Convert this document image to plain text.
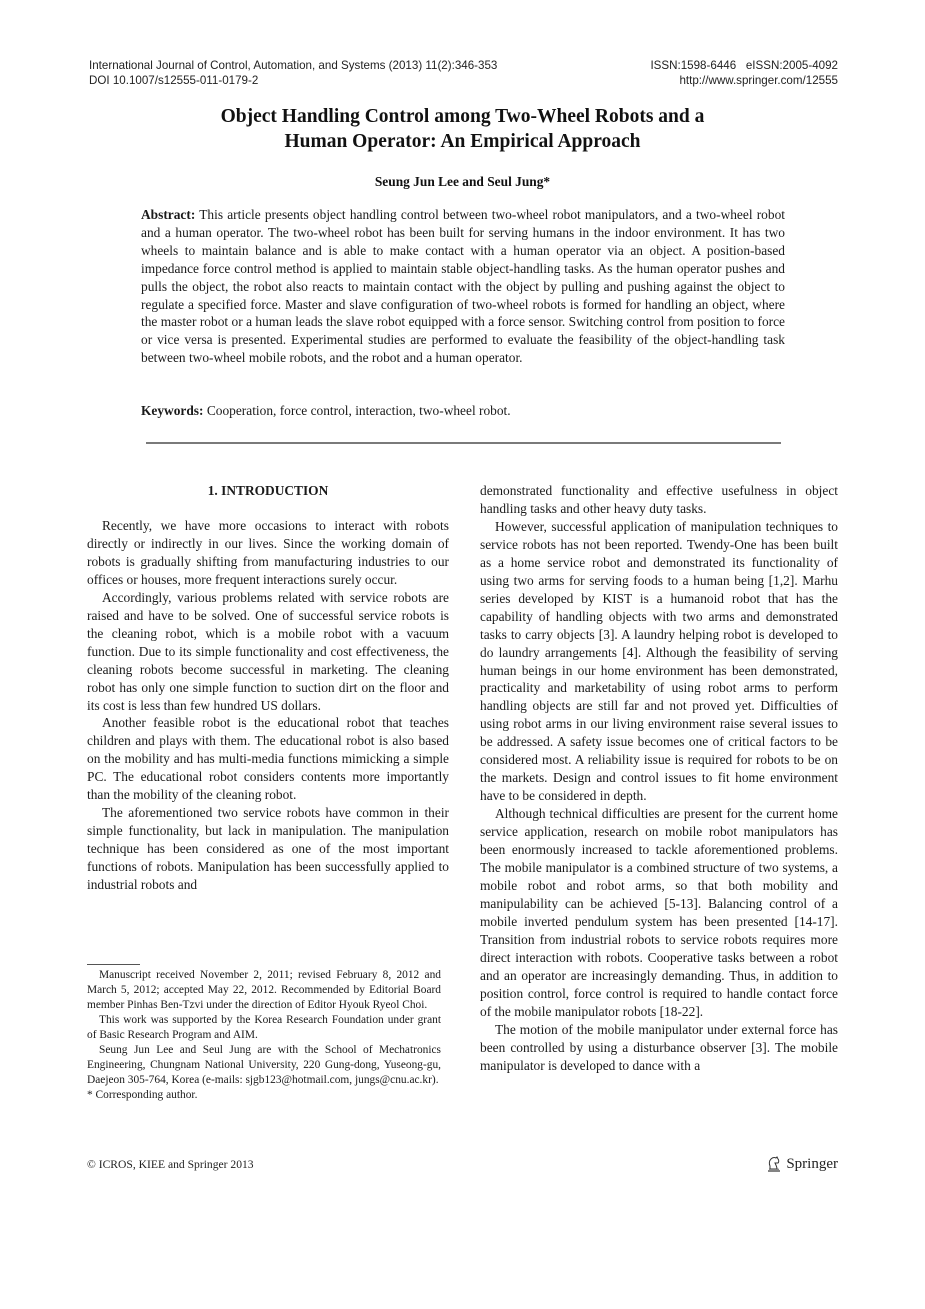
International Journal of Control, Automation, and Systems (2013) 11(2):346-353
DOI 10.1007/s12555-011-0179-2
ISSN:1598-6446   eISSN:2005-4092
http://www.springer.com/12555
Object Handling Control among Two-Wheel Robots and a
Human Operator: An Empirical Approach
Seung Jun Lee and Seul Jung*
Abstract: This article presents object handling control between two-wheel robot manipulators, and a two-wheel robot and a human operator. The two-wheel robot has been built for serving humans in the indoor environment. It has two wheels to maintain balance and is able to make contact with a human operator via an object. A position-based impedance force control method is applied to maintain stable object-handling tasks. As the human operator pushes and pulls the object, the robot also reacts to maintain contact with the object by pulling and pushing against the object to regulate a specified force. Master and slave configuration of two-wheel robots is formed for handling an object, where the master robot or a human leads the slave robot equipped with a force sensor. Switching control from position to force or vice versa is presented. Experimental studies are performed to evaluate the feasibility of the object-handling task between two-wheel mobile robots, and the robot and a human operator.
Keywords: Cooperation, force control, interaction, two-wheel robot.
1. INTRODUCTION

Recently, we have more occasions to interact with robots directly or indirectly in our lives. Since the working domain of robots is gradually shifting from manufacturing industries to our offices or houses, more frequent interactions surely occur.

Accordingly, various problems related with service robots are raised and have to be solved. One of successful service robots is the cleaning robot, which is a mobile robot with a vacuum function. Due to its simple functionality and cost effectiveness, the cleaning robots become successful in marketing. The cleaning robot has only one simple function to suction dirt on the floor and its cost is less than few hundred US dollars.

Another feasible robot is the educational robot that teaches children and plays with them. The educational robot is also based on the mobility and has multi-media functions mimicking a simple PC. The educational robot considers contents more importantly than the mobility of the cleaning robot.

The aforementioned two service robots have common in their simple functionality, but lack in manipulation. The manipulation technique has been considered as one of the most important functions of robots. Manipulation has been successfully applied to industrial robots and

Manuscript received November 2, 2011; revised February 8, 2012 and March 5, 2012; accepted May 22, 2012. Recommended by Editorial Board member Pinhas Ben-Tzvi under the direction of Editor Hyouk Ryeol Choi.

This work was supported by the Korea Research Foundation under grant of Basic Research Program and AIM.

Seung Jun Lee and Seul Jung are with the School of Mechatronics Engineering, Chungnam National University, 220 Gung-dong, Yuseong-gu, Daejeon 305-764, Korea (e-mails: sjgb123@hotmail.com, jungs@cnu.ac.kr).

* Corresponding author.

demonstrated functionality and effective usefulness in object handling tasks and other heavy duty tasks.

However, successful application of manipulation techniques to service robots has not been reported. Twendy-One has been built as a home service robot and demonstrated its functionality of using two arms for serving foods to a human being [1,2]. Marhu series developed by KIST is a humanoid robot that has the capability of handling objects with two arms and demonstrated tasks to carry objects [3]. A laundry helping robot is developed to do laundry arrangements [4]. Although the feasibility of serving human beings in our home environment has been demonstrated, practicality and marketability of using robot arms to perform handling objects are still far and not proved yet. Difficulties of using robot arms in our living environment raise several issues to be addressed. A safety issue becomes one of critical factors to be considered most. A reliability issue is required for robots to be on the markets. Design and control issues to fit home environment have to be considered in depth.

Although technical difficulties are present for the current home service application, research on mobile robot manipulators has been enormously increased to tackle aforementioned problems. The mobile manipulator is a combined structure of two systems, a mobile robot and robot arms, so that both mobility and manipulability can be achieved [5-13]. Balancing control of a mobile inverted pendulum system has been presented [14-17]. Transition from industrial robots to service robots requires more direct interaction with robots. Cooperative tasks between a robot and an operator are increasingly demanding. Thus, in addition to position control, force control is required to handle contact force of the mobile manipulator robots [18-22].

The motion of the mobile manipulator under external force has been controlled by using a disturbance observer [3]. The mobile manipulator is developed to dance with a

© ICROS, KIEE and Springer 2013	Springer
